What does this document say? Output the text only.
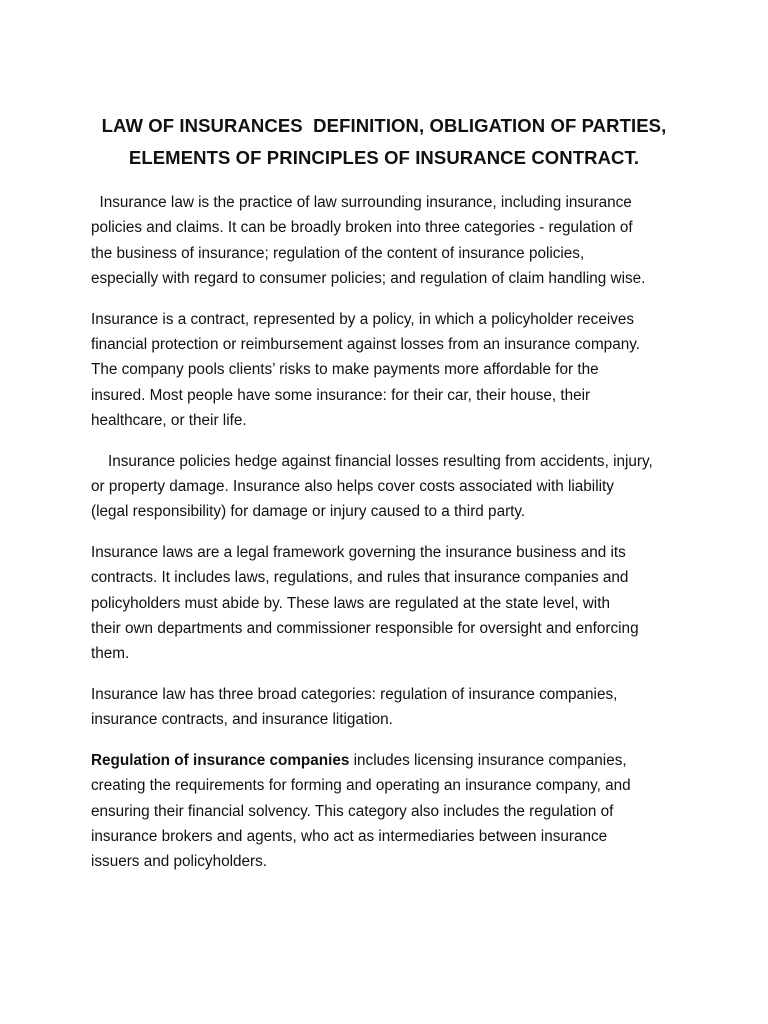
LAW OF INSURANCES  DEFINITION, OBLIGATION OF PARTIES,
ELEMENTS OF PRINCIPLES OF INSURANCE CONTRACT.

Insurance law is the practice of law surrounding insurance, including insurance
policies and claims. It can be broadly broken into three categories - regulation of
the business of insurance; regulation of the content of insurance policies,
especially with regard to consumer policies; and regulation of claim handling wise.

Insurance is a contract, represented by a policy, in which a policyholder receives
financial protection or reimbursement against losses from an insurance company.
The company pools clients’ risks to make payments more affordable for the
insured. Most people have some insurance: for their car, their house, their
healthcare, or their life.

Insurance policies hedge against financial losses resulting from accidents, injury,
or property damage. Insurance also helps cover costs associated with liability
(legal responsibility) for damage or injury caused to a third party.

Insurance laws are a legal framework governing the insurance business and its
contracts. It includes laws, regulations, and rules that insurance companies and
policyholders must abide by. These laws are regulated at the state level, with
their own departments and commissioner responsible for oversight and enforcing
them.

Insurance law has three broad categories: regulation of insurance companies,
insurance contracts, and insurance litigation.

Regulation of insurance companies includes licensing insurance companies,
creating the requirements for forming and operating an insurance company, and
ensuring their financial solvency. This category also includes the regulation of
insurance brokers and agents, who act as intermediaries between insurance
issuers and policyholders.
